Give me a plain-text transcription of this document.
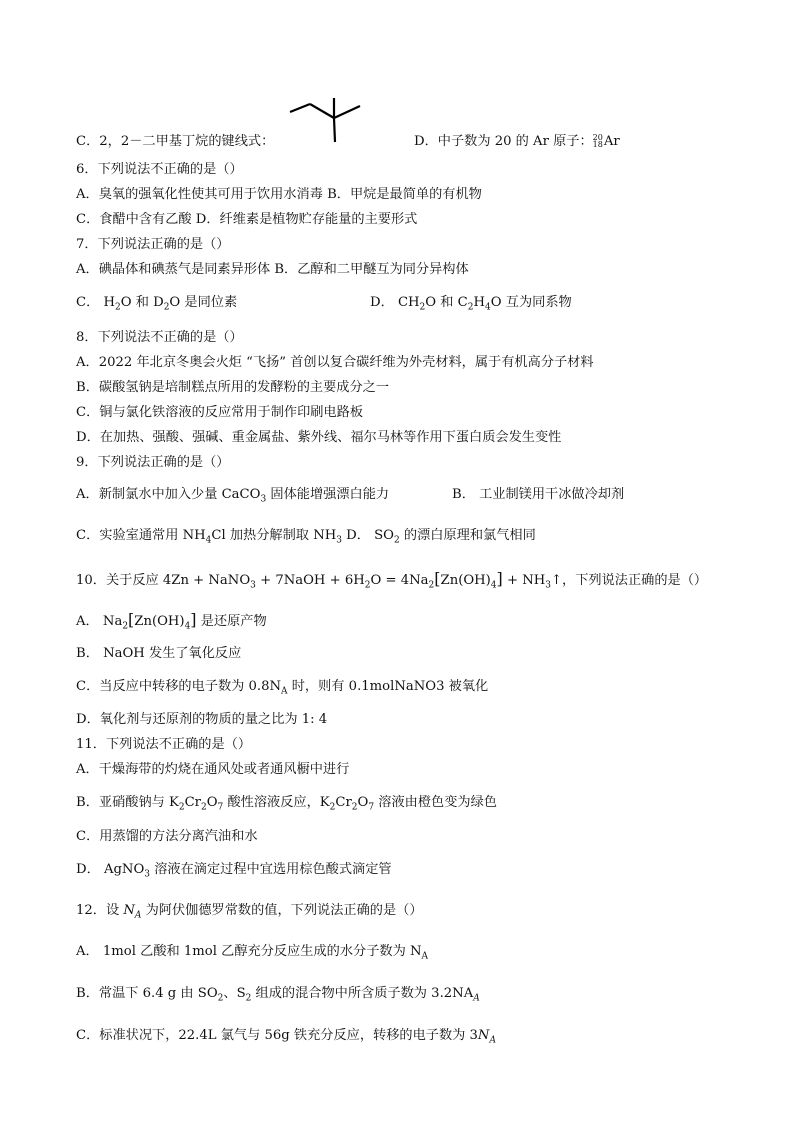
C．2，2－二甲基丁烷的键线式：	D．中子数为 20 的 Ar 原子：20
18Ar
6．下列说法不正确的是（）
A．臭氧的强氧化性使其可用于饮用水消毒 B．甲烷是最简单的有机物
C．食醋中含有乙酸 D．纤维素是植物贮存能量的主要形式
7．下列说法正确的是（）
A．碘晶体和碘蒸气是同素异形体 B．乙醇和二甲醚互为同分异构体
C． $H_2O$ 和 $D_2O$ 是同位素	D． $CH_2O$ 和 $C_2H_4O$ 互为同系物
8．下列说法不正确的是（）
A．2022 年北京冬奥会火炬 “飞扬” 首创以复合碳纤维为外壳材料，属于有机高分子材料
B．碳酸氢钠是培制糕点所用的发酵粉的主要成分之一
C．铜与氯化铁溶液的反应常用于制作印刷电路板
D．在加热、强酸、强碱、重金属盐、紫外线、福尔马林等作用下蛋白质会发生变性
9．下列说法正确的是（）
A．新制氯水中加入少量 CaCO$_3$ 固体能增强漂白能力	B． 工业制镁用干冰做冷却剂
C．实验室通常用 $NH_4Cl$ 加热分解制取 $NH_3$ D． $SO_2$ 的漂白原理和氯气相同
10．关于反应 4Zn + NaNO$_3$ + 7NaOH + $6H_2O = 4Na_2[Zn(OH)_4]$ + $NH_3↑$，下列说法正确的是（）
A． $Na_2[Zn(OH)_4]$ 是还原产物
B． NaOH 发生了氧化反应
C．当反应中转移的电子数为 $0.8N_A$ 时，则有 0.1molNaNO3 被氧化
D．氧化剂与还原剂的物质的量之比为 1: 4
11．下列说法不正确的是（）
A．干燥海带的灼烧在通风处或者通风橱中进行
B．亚硝酸钠与 $K_2Cr_2O_7$ 酸性溶液反应，$K_2Cr_2O_7$ 溶液由橙色变为绿色
C．用蒸馏的方法分离汽油和水
D． AgNO$_3$ 溶液在滴定过程中宜选用棕色酸式滴定管
12．设 $N_A$ 为阿伏伽德罗常数的值，下列说法正确的是（）
A． 1mol 乙酸和 1mol 乙醇充分反应生成的水分子数为 $N_A$
B．常温下 6.4 g 由 $SO_2$、$S_2$ 组成的混合物中所含质子数为 $3.2NA_A$
C．标准状况下，22.4L 氯气与 56g 铁充分反应，转移的电子数为 $3N_A$
